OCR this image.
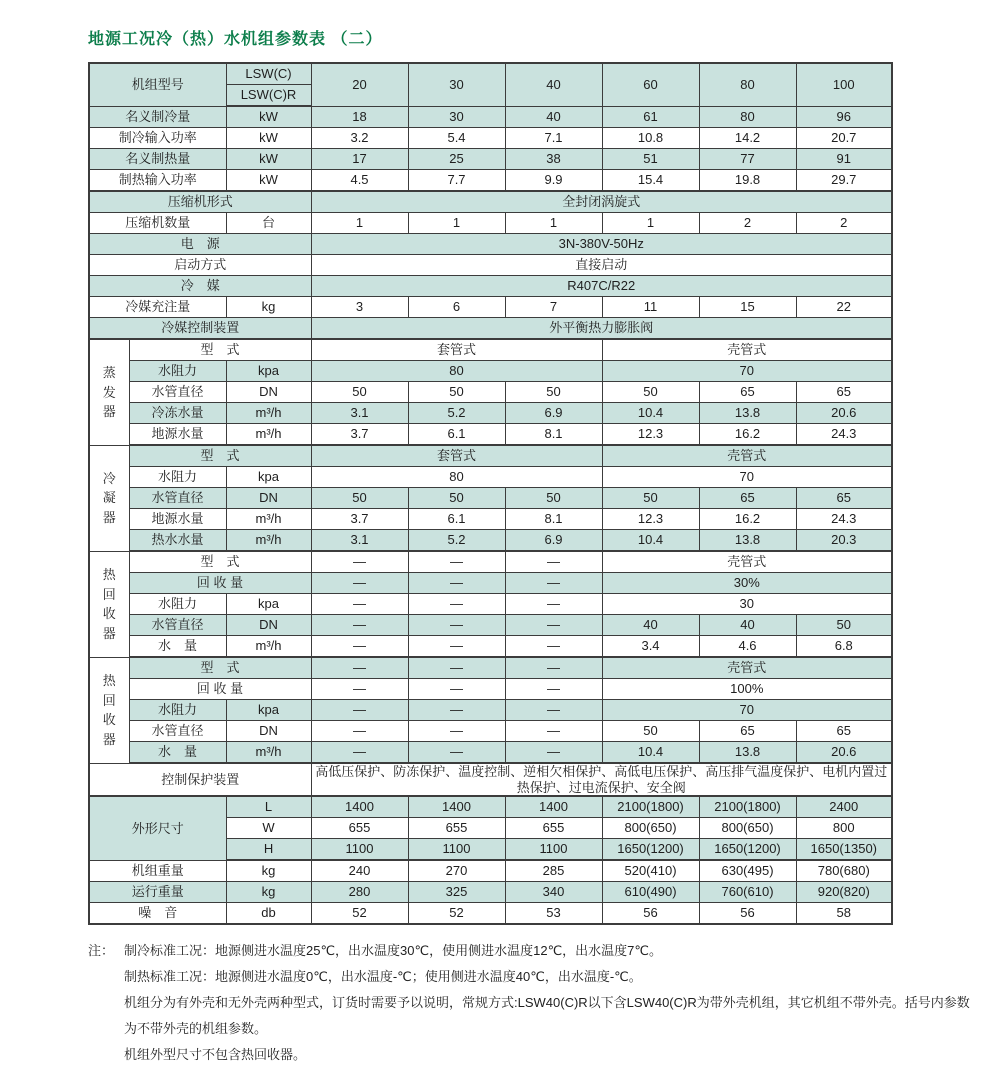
地源工况冷（热）水机组参数表 （二）
机组型号		LSW(C)	20	30	40	60	80	100
		LSW(C)R						
名义制冷量		kW	18	30	40	61	80	96
制冷输入功率		kW	3.2	5.4	7.1	10.8	14.2	20.7
名义制热量		kW	17	25	38	51	77	91
制热输入功率		kW	4.5	7.7	9.9	15.4	19.8	29.7
压缩机形式			全封闭涡旋式					
压缩机数量		台	1	1	1	1	2	2
电　源			3N-380V-50Hz					
启动方式			直接启动					
冷　媒			R407C/R22					
冷媒充注量		kg	3	6	7	11	15	22
冷媒控制装置			外平衡热力膨胀阀					

蒸发器	型　式		套管式			壳管式		
	水阻力	kpa	80			70		
	水管直径	DN	50	50	50	50	65	65
	冷冻水量	m³/h	3.1	5.2	6.9	10.4	13.8	20.6
	地源水量	m³/h	3.7	6.1	8.1	12.3	16.2	24.3

冷凝器	型　式		套管式			壳管式		
	水阻力	kpa	80			70		
	水管直径	DN	50	50	50	50	65	65
	地源水量	m³/h	3.7	6.1	8.1	12.3	16.2	24.3
	热水水量	m³/h	3.1	5.2	6.9	10.4	13.8	20.3

热回收器	型　式		—	—	—	壳管式		
	回 收 量		—	—	—	30%		
	水阻力	kpa	—	—	—	30		
	水管直径	DN	—	—	—	40	40	50
	水　量	m³/h	—	—	—	3.4	4.6	6.8

热回收器	型　式		—	—	—	壳管式		
	回 收 量		—	—	—	100%		
	水阻力	kpa	—	—	—	70		
	水管直径	DN	—	—	—	50	65	65
	水　量	m³/h	—	—	—	10.4	13.8	20.6
控制保护装置			高低压保护、防冻保护、温度控制、逆相欠相保护、高低电压保护、高压排气温度保护、电机内置过热保护、过电流保护、安全阀					
外形尺寸		L	1400	1400	1400	2100(1800)	2100(1800)	2400
		W	655	655	655	800(650)	800(650)	800
		H	1100	1100	1100	1650(1200)	1650(1200)	1650(1350)
机组重量		kg	240	270	285	520(410)	630(495)	780(680)
运行重量		kg	280	325	340	610(490)	760(610)	920(820)
噪　音		db	52	52	53	56	56	58
注： 制冷标准工况：地源侧进水温度25℃，出水温度30℃，使用侧进水温度12℃，出水温度7℃。
制热标准工况：地源侧进水温度0℃，出水温度-℃；使用侧进水温度40℃，出水温度-℃。
机组分为有外壳和无外壳两种型式，订货时需要予以说明，常规方式:LSW40(C)R以下含LSW40(C)R为带外壳机组，其它机组不带外壳。括号内参数为不带外壳的机组参数。
机组外型尺寸不包含热回收器。
